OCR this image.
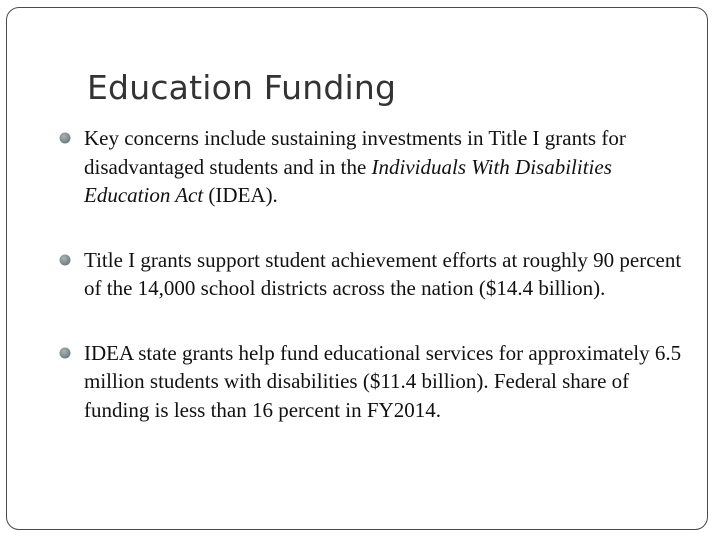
Education Funding
Key concerns include sustaining investments in Title I grants for disadvantaged students and in the Individuals With Disabilities Education Act (IDEA).
Title I grants support student achievement efforts at roughly 90 percent of the 14,000 school districts across the nation ($14.4 billion).
IDEA state grants help fund educational services for approximately 6.5 million students with disabilities ($11.4 billion). Federal share of funding is less than 16 percent in FY2014.
